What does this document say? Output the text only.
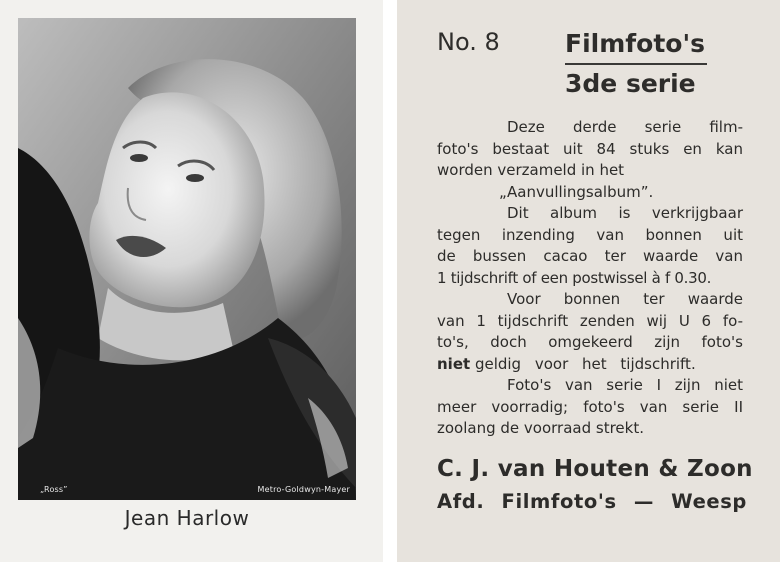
„Ross”	Metro-Goldwyn-Mayer
Jean Harlow
No. 8	Filmfoto's
3de serie
Deze derde serie film-
foto's bestaat uit 84 stuks en kan
worden verzameld in het
„Aanvullingsalbum”.
Dit album is verkrijgbaar
tegen inzending van bonnen uit
de bussen cacao ter waarde van
1 tijdschrift of een postwissel à f 0.30.
Voor bonnen ter waarde
van 1 tijdschrift zenden wij U 6 fo-
to's, doch omgekeerd zijn foto's
niet geldig voor het tijdschrift.
Foto's van serie I zijn niet
meer voorradig; foto's van serie II
zoolang de voorraad strekt.
C. J. van Houten & Zoon
Afd. Filmfoto's — Weesp
